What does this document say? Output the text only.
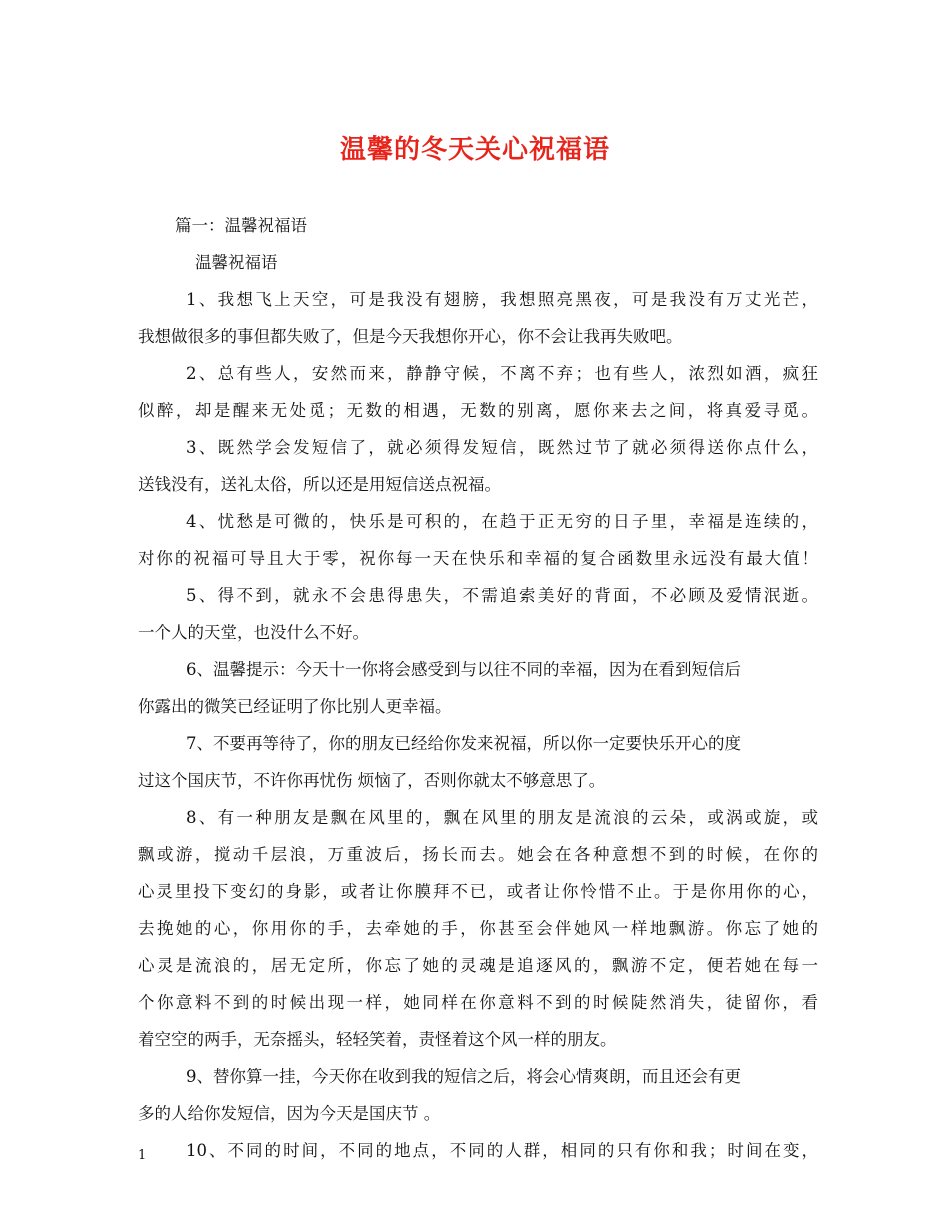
温馨的冬天关心祝福语
篇一：温馨祝福语
温馨祝福语
1、我想飞上天空，可是我没有翅膀，我想照亮黑夜，可是我没有万丈光芒，
我想做很多的事但都失败了，但是今天我想你开心，你不会让我再失败吧。
2、总有些人，安然而来，静静守候，不离不弃；也有些人，浓烈如酒，疯狂
似醉，却是醒来无处觅；无数的相遇，无数的别离，愿你来去之间，将真爱寻觅。
3、既然学会发短信了，就必须得发短信，既然过节了就必须得送你点什么，
送钱没有，送礼太俗，所以还是用短信送点祝福。
4、忧愁是可微的，快乐是可积的，在趋于正无穷的日子里，幸福是连续的，
对你的祝福可导且大于零，祝你每一天在快乐和幸福的复合函数里永远没有最大值！
5、得不到，就永不会患得患失，不需追索美好的背面，不必顾及爱情泯逝。
一个人的天堂，也没什么不好。
6、温馨提示：今天十一你将会感受到与以往不同的幸福，因为在看到短信后
你露出的微笑已经证明了你比别人更幸福。
7、不要再等待了，你的朋友已经给你发来祝福，所以你一定要快乐开心的度
过这个国庆节，不许你再忧伤 烦恼了，否则你就太不够意思了。
8、有一种朋友是飘在风里的，飘在风里的朋友是流浪的云朵，或涡或旋，或
飘或游，搅动千层浪，万重波后，扬长而去。她会在各种意想不到的时候，在你的
心灵里投下变幻的身影，或者让你膜拜不已，或者让你怜惜不止。于是你用你的心，
去挽她的心，你用你的手，去牵她的手，你甚至会伴她风一样地飘游。你忘了她的
心灵是流浪的，居无定所，你忘了她的灵魂是追逐风的，飘游不定，便若她在每一
个你意料不到的时候出现一样，她同样在你意料不到的时候陡然消失，徒留你，看
着空空的两手，无奈摇头，轻轻笑着，责怪着这个风一样的朋友。
9、替你算一挂，今天你在收到我的短信之后，将会心情爽朗，而且还会有更
多的人给你发短信，因为今天是国庆节 。
10、不同的时间，不同的地点，不同的人群，相同的只有你和我；时间在变，
1
